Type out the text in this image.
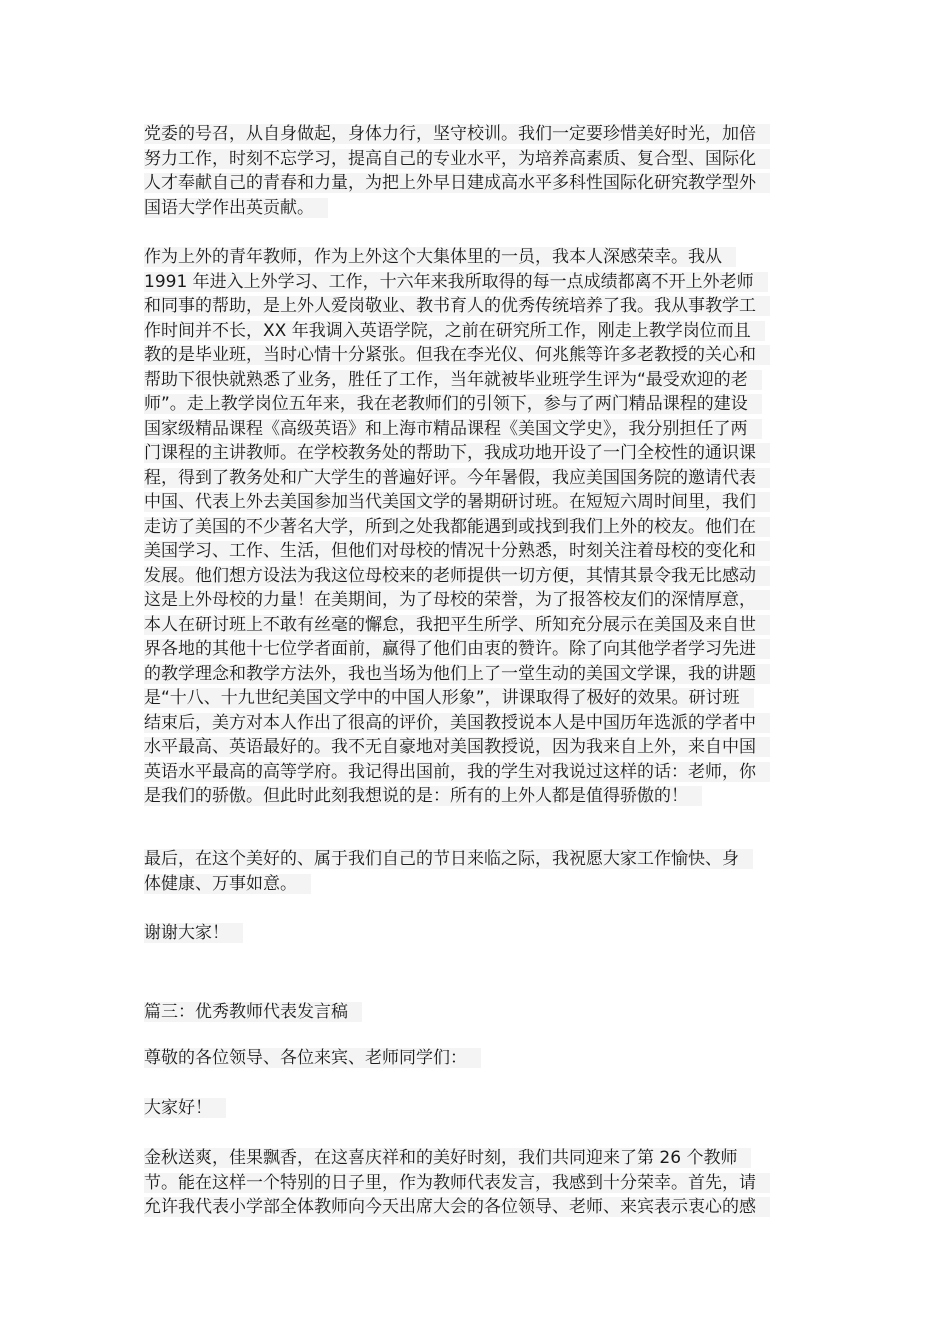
党委的号召，从自身做起，身体力行，坚守校训。我们一定要珍惜美好时光，加倍
努力工作，时刻不忘学习，提高自己的专业水平，为培养高素质、复合型、国际化
人才奉献自己的青春和力量，为把上外早日建成高水平多科性国际化研究教学型外
国语大学作出英贡献。
作为上外的青年教师，作为上外这个大集体里的一员，我本人深感荣幸。我从
1991 年进入上外学习、工作，十六年来我所取得的每一点成绩都离不开上外老师
和同事的帮助，是上外人爱岗敬业、教书育人的优秀传统培养了我。我从事教学工
作时间并不长，XX 年我调入英语学院，之前在研究所工作，刚走上教学岗位而且
教的是毕业班，当时心情十分紧张。但我在李光仪、何兆熊等许多老教授的关心和
帮助下很快就熟悉了业务，胜任了工作，当年就被毕业班学生评为“最受欢迎的老
师”。走上教学岗位五年来，我在老教师们的引领下，参与了两门精品课程的建设
国家级精品课程《高级英语》和上海市精品课程《美国文学史》，我分别担任了两
门课程的主讲教师。在学校教务处的帮助下，我成功地开设了一门全校性的通识课
程，得到了教务处和广大学生的普遍好评。今年暑假，我应美国国务院的邀请代表
中国、代表上外去美国参加当代美国文学的暑期研讨班。在短短六周时间里，我们
走访了美国的不少著名大学，所到之处我都能遇到或找到我们上外的校友。他们在
美国学习、工作、生活，但他们对母校的情况十分熟悉，时刻关注着母校的变化和
发展。他们想方设法为我这位母校来的老师提供一切方便，其情其景令我无比感动
这是上外母校的力量！在美期间，为了母校的荣誉，为了报答校友们的深情厚意，
本人在研讨班上不敢有丝毫的懈怠，我把平生所学、所知充分展示在美国及来自世
界各地的其他十七位学者面前，赢得了他们由衷的赞许。除了向其他学者学习先进
的教学理念和教学方法外，我也当场为他们上了一堂生动的美国文学课，我的讲题
是“十八、十九世纪美国文学中的中国人形象”，讲课取得了极好的效果。研讨班
结束后，美方对本人作出了很高的评价，美国教授说本人是中国历年选派的学者中
水平最高、英语最好的。我不无自豪地对美国教授说，因为我来自上外，来自中国
英语水平最高的高等学府。我记得出国前，我的学生对我说过这样的话：老师，你
是我们的骄傲。但此时此刻我想说的是：所有的上外人都是值得骄傲的！
最后，在这个美好的、属于我们自己的节日来临之际，我祝愿大家工作愉快、身
体健康、万事如意。
谢谢大家！
篇三：优秀教师代表发言稿
尊敬的各位领导、各位来宾、老师同学们：
大家好！
金秋送爽，佳果飘香，在这喜庆祥和的美好时刻，我们共同迎来了第 26 个教师
节。能在这样一个特别的日子里，作为教师代表发言，我感到十分荣幸。首先，请
允许我代表小学部全体教师向今天出席大会的各位领导、老师、来宾表示衷心的感
